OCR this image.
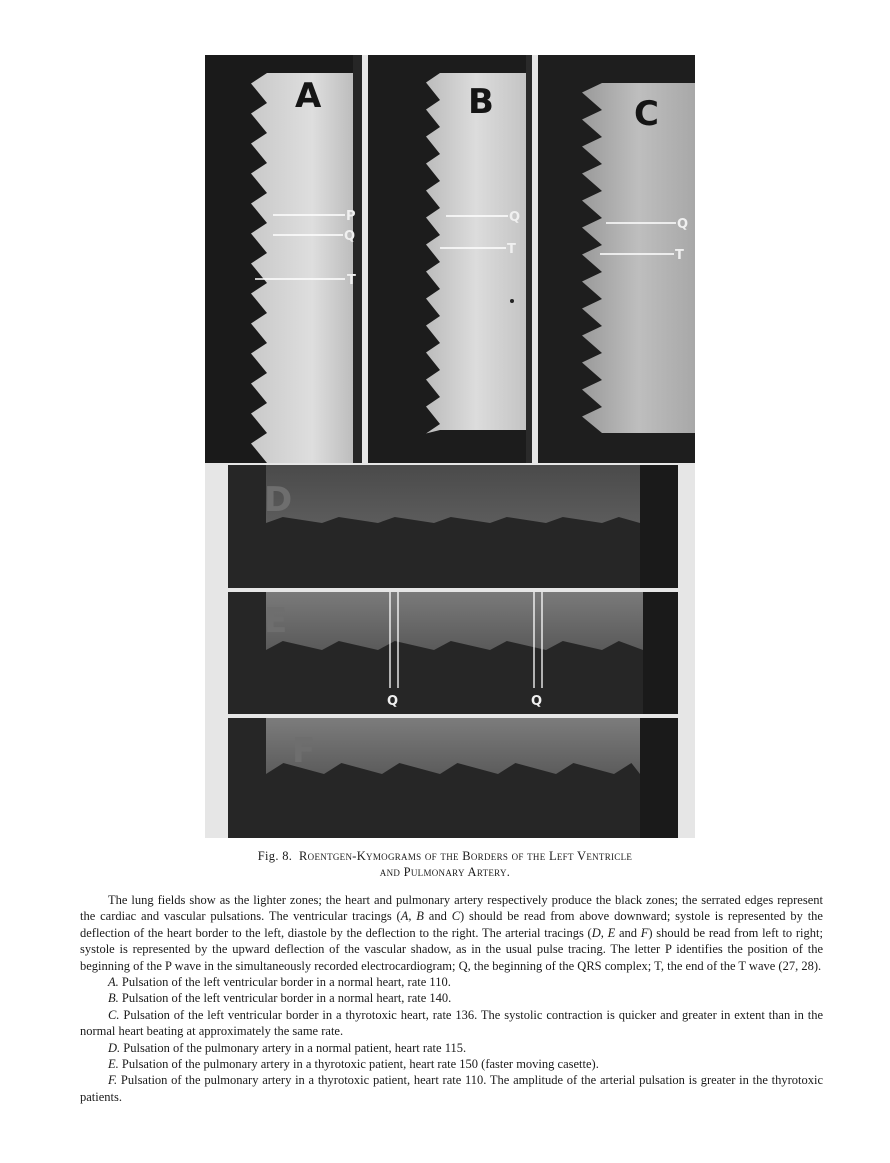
A
P
Q
T
B
Q
T
C
Q
T
D
E
Q	Q
F
Fig. 8. Roentgen-Kymograms of the Borders of the Left Ventricle
and Pulmonary Artery.

The lung fields show as the lighter zones; the heart and pulmonary artery respectively produce the black zones; the serrated edges represent the cardiac and vascular pulsations. The ventricular tracings (A, B and C) should be read from above downward; systole is represented by the deflection of the heart border to the left, diastole by the deflection to the right. The arterial tracings (D, E and F) should be read from left to right; systole is represented by the upward deflection of the vascular shadow, as in the usual pulse tracing. The letter P identifies the position of the beginning of the P wave in the simultaneously recorded electrocardiogram; Q, the beginning of the QRS complex; T, the end of the T wave (27, 28).

A. Pulsation of the left ventricular border in a normal heart, rate 110.

B. Pulsation of the left ventricular border in a normal heart, rate 140.

C. Pulsation of the left ventricular border in a thyrotoxic heart, rate 136. The systolic contraction is quicker and greater in extent than in the normal heart beating at approximately the same rate.

D. Pulsation of the pulmonary artery in a normal patient, heart rate 115.

E. Pulsation of the pulmonary artery in a thyrotoxic patient, heart rate 150 (faster moving casette).

F. Pulsation of the pulmonary artery in a thyrotoxic patient, heart rate 110. The amplitude of the arterial pulsation is greater in the thyrotoxic patients.
